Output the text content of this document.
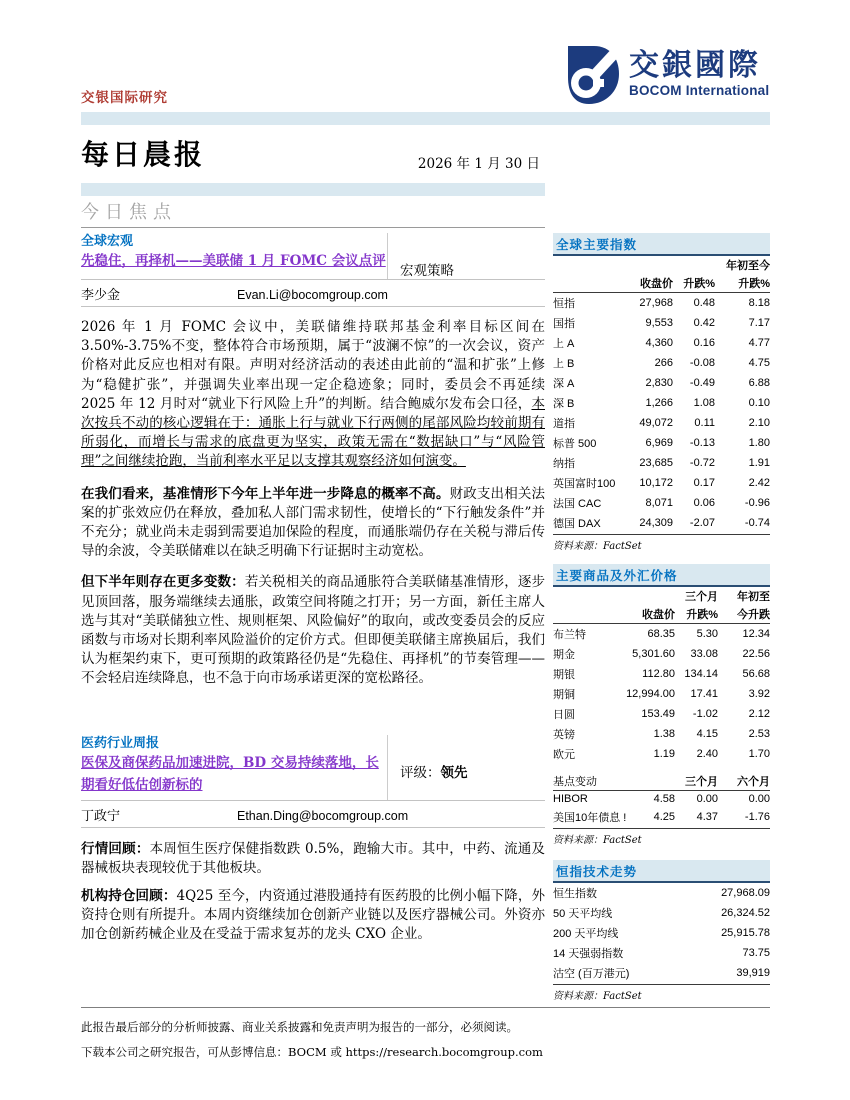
交银国际研究
交銀國際
BOCOM International
每日晨报	2026 年 1 月 30 日
今日焦点
全球宏观
先稳住，再择机——美联储 1 月 FOMC 会议点评
宏观策略
李少金	Evan.Li@bocomgroup.com

2026 年 1 月 FOMC 会议中，美联储维持联邦基金利率目标区间在 3.50%-3.75%不变，整体符合市场预期，属于“波澜不惊”的一次会议，资产价格对此反应也相对有限。声明对经济活动的表述由此前的“温和扩张”上修为“稳健扩张”，并强调失业率出现一定企稳迹象；同时，委员会不再延续 2025 年 12 月时对“就业下行风险上升”的判断。结合鲍威尔发布会口径，本次按兵不动的核心逻辑在于：通胀上行与就业下行两侧的尾部风险均较前期有所弱化，而增长与需求的底盘更为坚实，政策无需在“数据缺口”与“风险管理”之间继续抢跑，当前利率水平足以支撑其观察经济如何演变。

在我们看来，基准情形下今年上半年进一步降息的概率不高。财政支出相关法案的扩张效应仍在释放，叠加私人部门需求韧性，使增长的“下行触发条件”并不充分；就业尚未走弱到需要追加保险的程度，而通胀端仍存在关税与滞后传导的余波，令美联储难以在缺乏明确下行证据时主动宽松。

但下半年则存在更多变数：若关税相关的商品通胀符合美联储基准情形，逐步见顶回落，服务端继续去通胀，政策空间将随之打开；另一方面，新任主席人选与其对“美联储独立性、规则框架、风险偏好”的取向，或改变委员会的反应函数与市场对长期利率风险溢价的定价方式。但即便美联储主席换届后，我们认为框架约束下，更可预期的政策路径仍是“先稳住、再择机”的节奏管理——不会轻启连续降息，也不急于向市场承诺更深的宽松路径。

医药行业周报
医保及商保药品加速进院，BD 交易持续落地，长期看好低估创新标的
评级：领先
丁政宁	Ethan.Ding@bocomgroup.com

行情回顾：本周恒生医疗保健指数跌 0.5%，跑输大市。其中，中药、流通及器械板块表现较优于其他板块。

机构持仓回顾：4Q25 至今，内资通过港股通持有医药股的比例小幅下降，外资持仓则有所提升。本周内资继续加仓创新产业链以及医疗器械公司。外资亦加仓创新药械企业及在受益于需求复苏的龙头 CXO 企业。

全球主要指数
			年初至今
	收盘价	升跌%	升跌%
恒指	27,968	0.48	8.18
国指	9,553	0.42	7.17
上 A	4,360	0.16	4.77
上 B	266	-0.08	4.75
深 A	2,830	-0.49	6.88
深 B	1,266	1.08	0.10
道指	49,072	0.11	2.10
标普 500	6,969	-0.13	1.80
纳指	23,685	-0.72	1.91
英国富时100	10,172	0.17	2.42
法国 CAC	8,071	0.06	-0.96
德国 DAX	24,309	-2.07	-0.74
资料来源：FactSet
主要商品及外汇价格
		三个月	年初至
	收盘价	升跌%	今升跌
布兰特	68.35	5.30	12.34
期金	5,301.60	33.08	22.56
期银	112.80	134.14	56.68
期铜	12,994.00	17.41	3.92
日圆	153.49	-1.02	2.12
英镑	1.38	4.15	2.53
欧元	1.19	2.40	1.70
基点变动		三个月	六个月
HIBOR	4.58	0.00	0.00
美国10年债息 !	4.25	4.37	-1.76
资料来源：FactSet
恒指技术走势
恒生指数	27,968.09
50 天平均线	26,324.52
200 天平均线	25,915.78
14 天强弱指数	73.75
沽空 (百万港元)	39,919
资料来源：FactSet
此报告最后部分的分析师披露、商业关系披露和免责声明为报告的一部分，必须阅读。
下载本公司之研究报告，可从彭博信息：BOCM 或 https://research.bocomgroup.com
